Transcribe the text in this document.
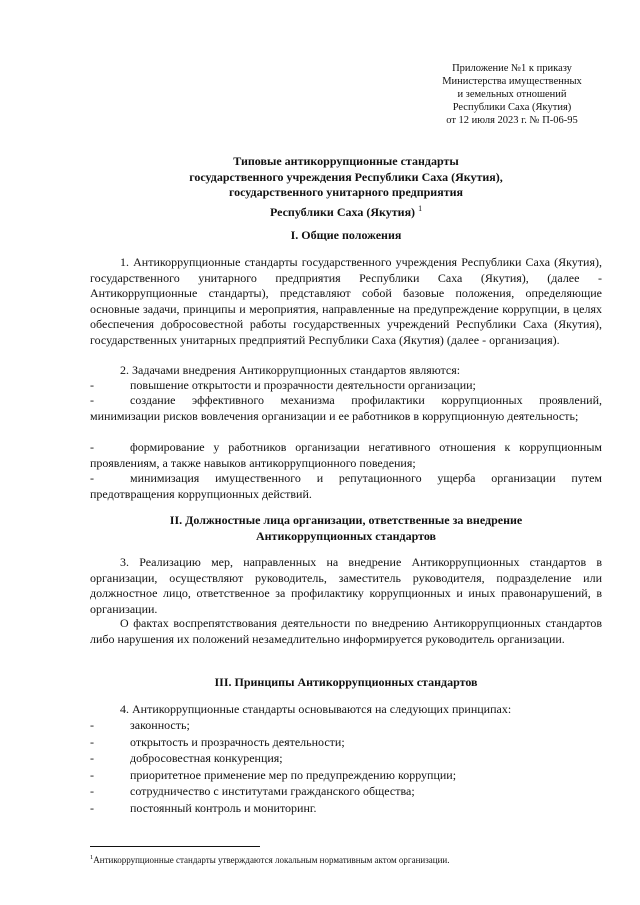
Приложение №1 к приказу
Министерства имущественных
и земельных отношений
Республики Саха (Якутия)
от 12 июля 2023 г. № П-06-95
Типовые антикоррупционные стандарты
государственного учреждения Республики Саха (Якутия),
государственного унитарного предприятия
Республики Саха (Якутия) $^1$
I. Общие положения
1. Антикоррупционные стандарты государственного учреждения Республики Саха (Якутия), государственного унитарного предприятия Республики Саха (Якутия), (далее - Антикоррупционные стандарты), представляют собой базовые положения, определяющие основные задачи, принципы и мероприятия, направленные на предупреждение коррупции, в целях обеспечения добросовестной работы государственных учреждений Республики Саха (Якутия), государственных унитарных предприятий Республики Саха (Якутия) (далее - организация).
2. Задачами внедрения Антикоррупционных стандартов являются:
-	повышение открытости и прозрачности деятельности организации;
-	создание эффективного механизма профилактики коррупционных проявлений,
минимизации рисков вовлечения организации и ее работников в коррупционную деятельность;
-	формирование у работников организации негативного отношения к коррупционным
проявлениям, а также навыков антикоррупционного поведения;
-	минимизация имущественного и репутационного ущерба организации путем
предотвращения коррупционных действий.
II. Должностные лица организации, ответственные за внедрение
Антикоррупционных стандартов
3. Реализацию мер, направленных на внедрение Антикоррупционных стандартов в организации, осуществляют руководитель, заместитель руководителя, подразделение или должностное лицо, ответственное за профилактику коррупционных и иных правонарушений, в организации.
О фактах воспрепятствования деятельности по внедрению Антикоррупционных стандартов либо нарушения их положений незамедлительно информируется руководитель организации.
III. Принципы Антикоррупционных стандартов
4. Антикоррупционные стандарты основываются на следующих принципах:
-	законность;
-	открытость и прозрачность деятельности;
-	добросовестная конкуренция;
-	приоритетное применение мер по предупреждению коррупции;
-	сотрудничество с институтами гражданского общества;
-	постоянный контроль и мониторинг.
$^1$Антикоррупционные стандарты утверждаются локальным нормативным актом организации.
